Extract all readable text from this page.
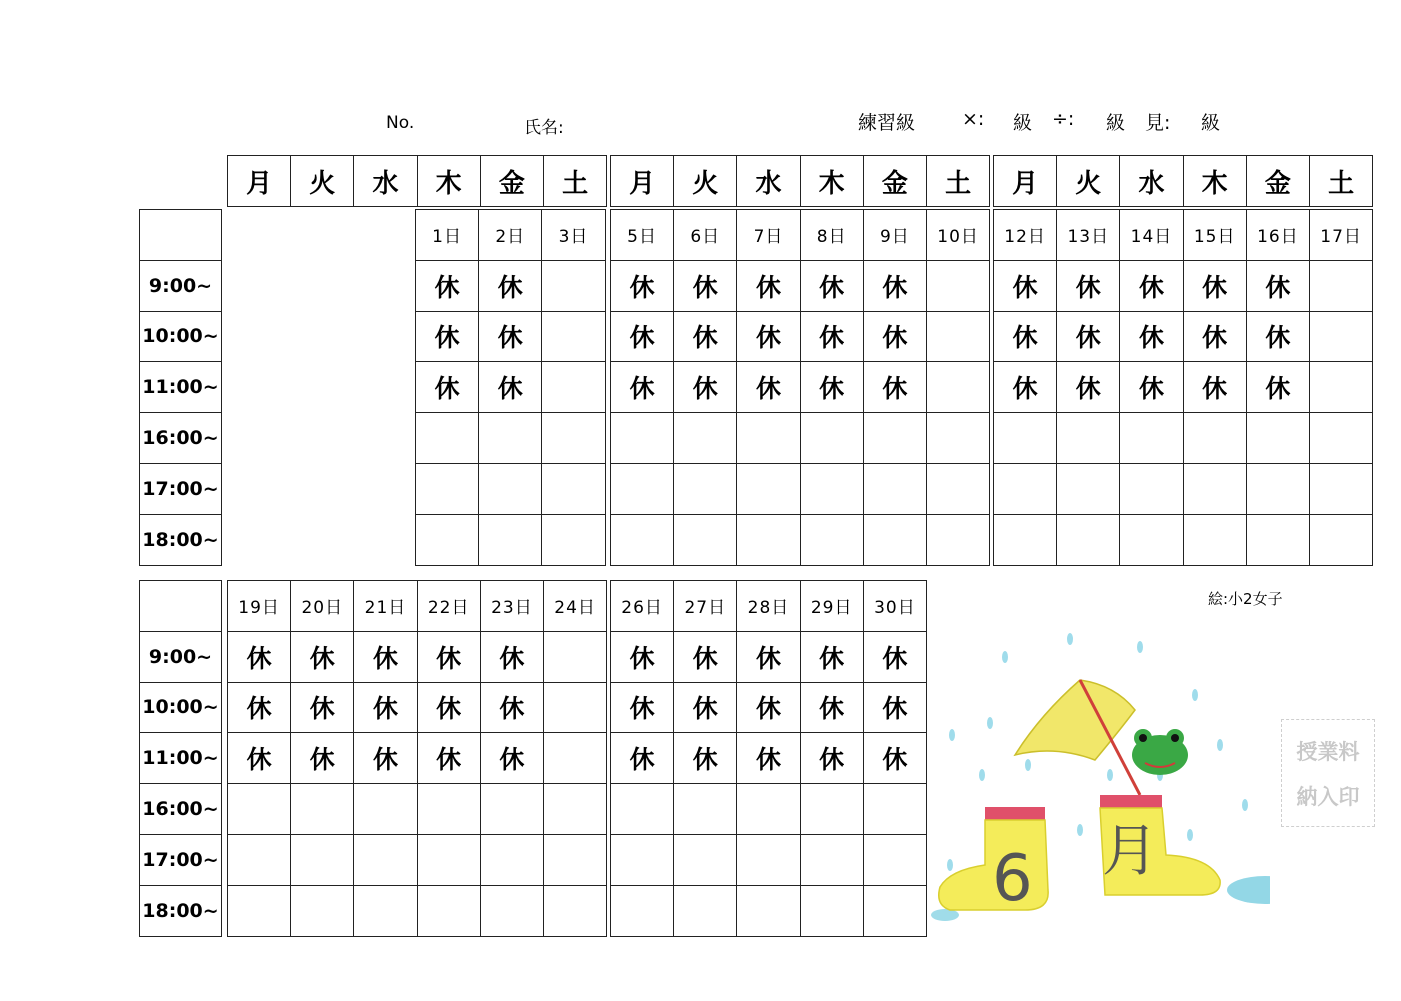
No.	氏名:	練習級 ×: 級 ÷: 級 見: 級
月 火 水 木 金 土 月 火 水 木 金 土 月 火 水 木 金 土
9:00~
10:00~
11:00~
16:00~
17:00~
18:00~
9:00~
10:00~
11:00~
16:00~
17:00~
18:00~
1日
休
休
休
2日
休
休
休
3日 5日
休
休
休
6日
休
休
休
7日
休
休
休
8日
休
休
休
9日
休
休
休
10日 12日
休
休
休
13日
休
休
休
14日
休
休
休
15日
休
休
休
16日
休
休
休
17日
19日
休
休
休
20日
休
休
休
21日
休
休
休
22日
休
休
休
23日
休
休
休
24日 26日
休
休
休
27日
休
休
休
28日
休
休
休
29日
休
休
休
30日
休
休
休
絵:小2女子
授業料
納入印
6 月
